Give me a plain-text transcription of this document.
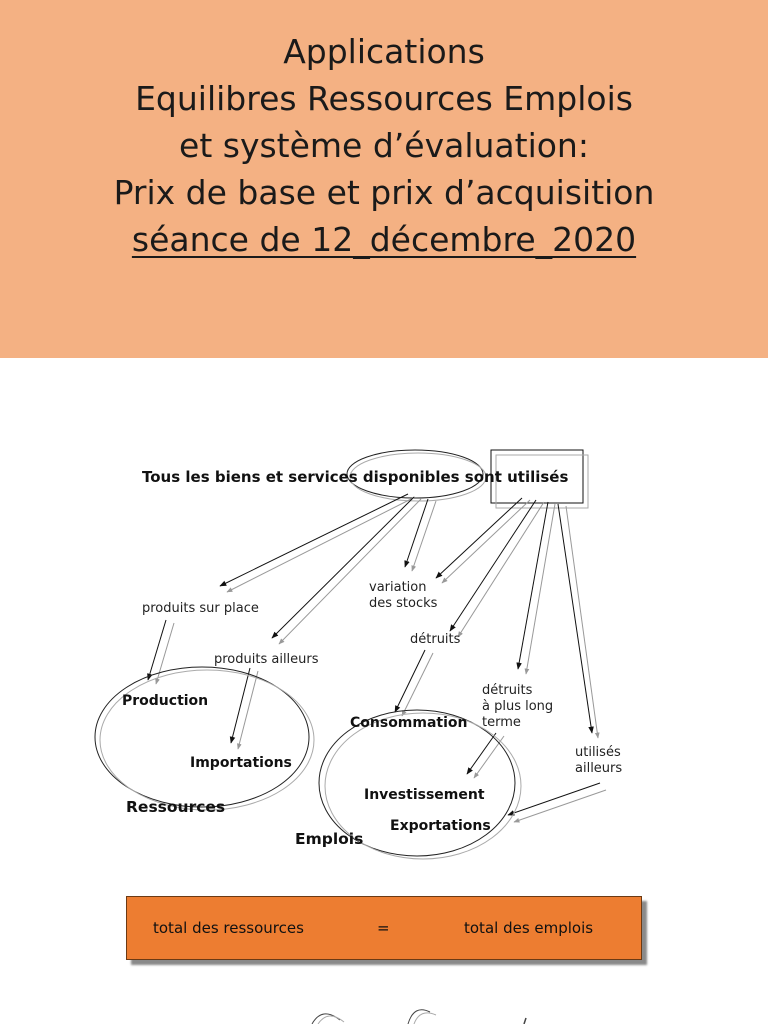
Applications
Equilibres Ressources Emplois
et système d’évaluation:
Prix de base et prix d’acquisition
séance de 12_décembre_2020
Tous les biens et services disponibles sont utilisés
produits sur place
produits ailleurs
variation
des stocks
détruits
détruits
à plus long
terme
utilisés
ailleurs
Production
Importations
Ressources
Consommation
Investissement
Exportations
Emplois
total des ressources	=	total des emplois
